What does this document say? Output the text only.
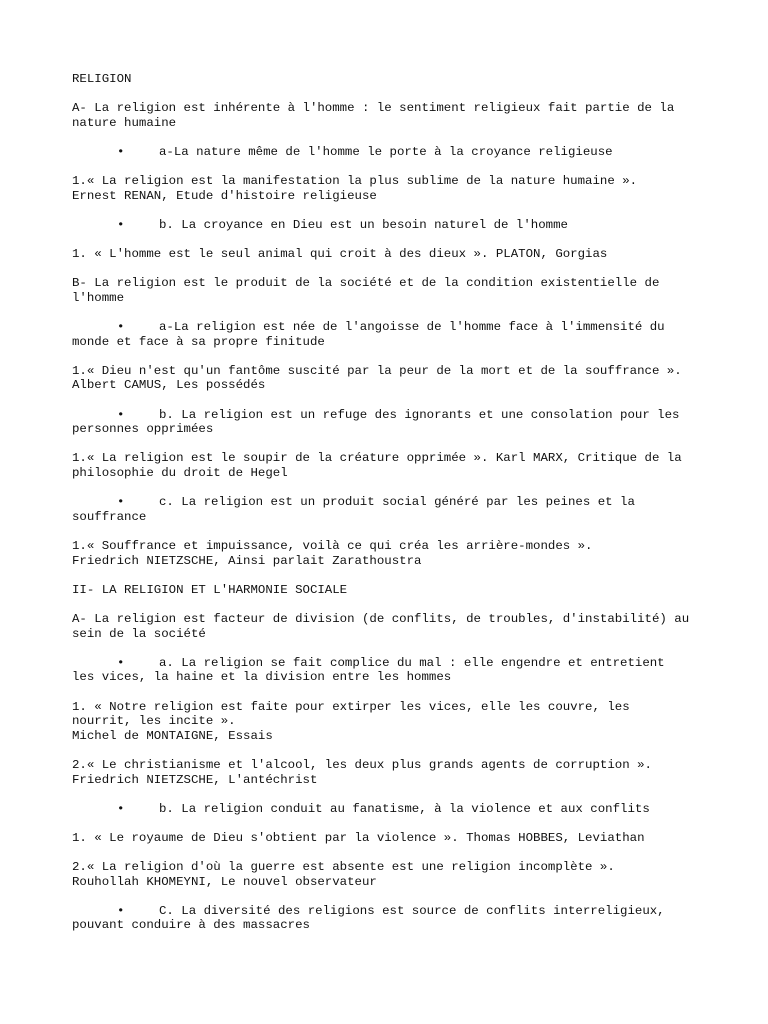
RELIGION
A- La religion est inhérente à l'homme : le sentiment religieux fait partie de la
nature humaine
•	a-La nature même de l'homme le porte à la croyance religieuse
1.« La religion est la manifestation la plus sublime de la nature humaine ».
Ernest RENAN, Etude d'histoire religieuse
•	b. La croyance en Dieu est un besoin naturel de l'homme
1. « L'homme est le seul animal qui croit à des dieux ». PLATON, Gorgias
B- La religion est le produit de la société et de la condition existentielle de
l'homme
•	a-La religion est née de l'angoisse de l'homme face à l'immensité du
monde et face à sa propre finitude
1.« Dieu n'est qu'un fantôme suscité par la peur de la mort et de la souffrance ».
Albert CAMUS, Les possédés
•	b. La religion est un refuge des ignorants et une consolation pour les
personnes opprimées
1.« La religion est le soupir de la créature opprimée ». Karl MARX, Critique de la
philosophie du droit de Hegel
•	c. La religion est un produit social généré par les peines et la
souffrance
1.« Souffrance et impuissance, voilà ce qui créa les arrière-mondes ».
Friedrich NIETZSCHE, Ainsi parlait Zarathoustra
II- LA RELIGION ET L'HARMONIE SOCIALE
A- La religion est facteur de division (de conflits, de troubles, d'instabilité) au
sein de la société
•	a. La religion se fait complice du mal : elle engendre et entretient
les vices, la haine et la division entre les hommes
1. « Notre religion est faite pour extirper les vices, elle les couvre, les
nourrit, les incite ».
Michel de MONTAIGNE, Essais
2.« Le christianisme et l'alcool, les deux plus grands agents de corruption ».
Friedrich NIETZSCHE, L'antéchrist
•	b. La religion conduit au fanatisme, à la violence et aux conflits
1. « Le royaume de Dieu s'obtient par la violence ». Thomas HOBBES, Leviathan
2.« La religion d'où la guerre est absente est une religion incomplète ».
Rouhollah KHOMEYNI, Le nouvel observateur
•	C. La diversité des religions est source de conflits interreligieux,
pouvant conduire à des massacres
